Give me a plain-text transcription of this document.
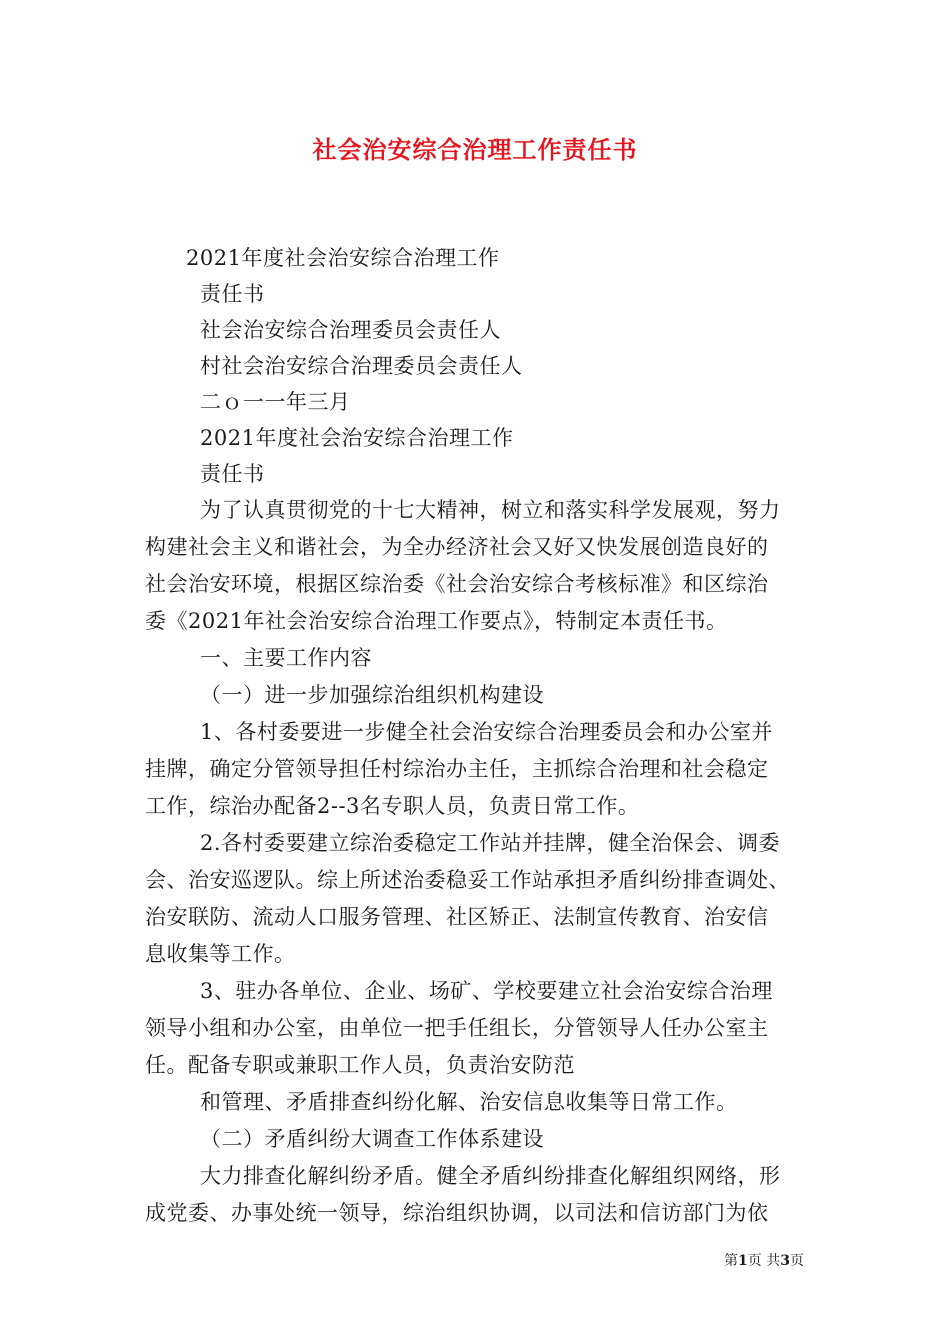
社会治安综合治理工作责任书
2021年度社会治安综合治理工作
责任书
社会治安综合治理委员会责任人
村社会治安综合治理委员会责任人
二ｏ一一年三月
2021年度社会治安综合治理工作
责任书
为了认真贯彻党的十七大精神，树立和落实科学发展观，努力
构建社会主义和谐社会，为全办经济社会又好又快发展创造良好的
社会治安环境，根据区综治委《社会治安综合考核标准》和区综治
委《2021年社会治安综合治理工作要点》，特制定本责任书。
一、主要工作内容
（一）进一步加强综治组织机构建设
1、各村委要进一步健全社会治安综合治理委员会和办公室并
挂牌，确定分管领导担任村综治办主任，主抓综合治理和社会稳定
工作，综治办配备2--3名专职人员，负责日常工作。
2.各村委要建立综治委稳定工作站并挂牌，健全治保会、调委
会、治安巡逻队。综上所述治委稳妥工作站承担矛盾纠纷排查调处、
治安联防、流动人口服务管理、社区矫正、法制宣传教育、治安信
息收集等工作。
3、驻办各单位、企业、场矿、学校要建立社会治安综合治理
领导小组和办公室，由单位一把手任组长，分管领导人任办公室主
任。配备专职或兼职工作人员，负责治安防范
和管理、矛盾排查纠纷化解、治安信息收集等日常工作。
（二）矛盾纠纷大调查工作体系建设
大力排查化解纠纷矛盾。健全矛盾纠纷排查化解组织网络，形
成党委、办事处统一领导，综治组织协调，以司法和信访部门为依
第1页 共3页
